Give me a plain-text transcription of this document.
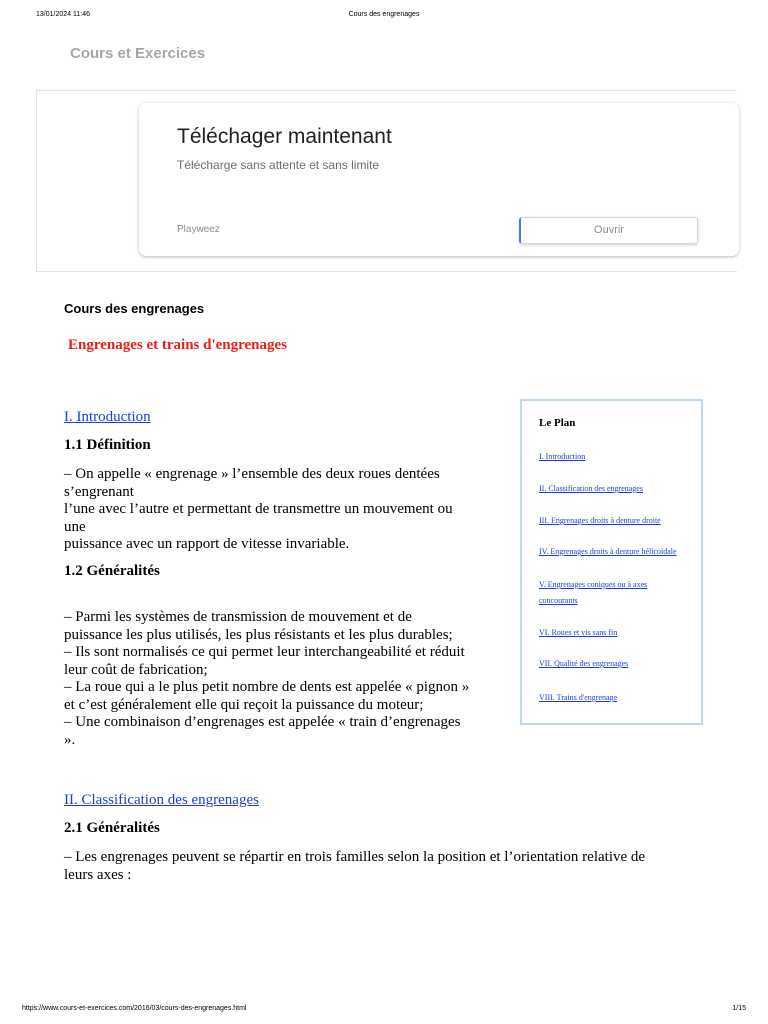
13/01/2024 11:46	Cours des engrenages
Cours et Exercices
Téléchager maintenant
Télécharge sans attente et sans limite
Playweez	Ouvrir
Cours des engrenages
Engrenages et trains d'engrenages
I. Introduction
1.1 Définition
– On appelle « engrenage » l’ensemble des deux roues dentées
s’engrenant
l’une avec l’autre et permettant de transmettre un mouvement ou
une
puissance avec un rapport de vitesse invariable.
1.2 Généralités
– Parmi les systèmes de transmission de mouvement et de
puissance les plus utilisés, les plus résistants et les plus durables;
– Ils sont normalisés ce qui permet leur interchangeabilité et réduit
leur coût de fabrication;
– La roue qui a le plus petit nombre de dents est appelée « pignon »
et c’est généralement elle qui reçoit la puissance du moteur;
– Une combinaison d’engrenages est appelée « train d’engrenages
».
II. Classification des engrenages
2.1 Généralités
– Les engrenages peuvent se répartir en trois familles selon la position et l’orientation relative de
leurs axes :
Le Plan
I. Introduction
II. Classification des engrenages
III. Engrenages droits à denture droite
IV. Engrenages droits à denture hélicoïdale
V. Engrenages coniques ou à axes
concourants
VI. Roues et vis sans fin
VII. Qualité des engrenages
VIII. Trains d'engrenage
https://www.cours-et-exercices.com/2016/03/cours-des-engrenages.html	1/15
